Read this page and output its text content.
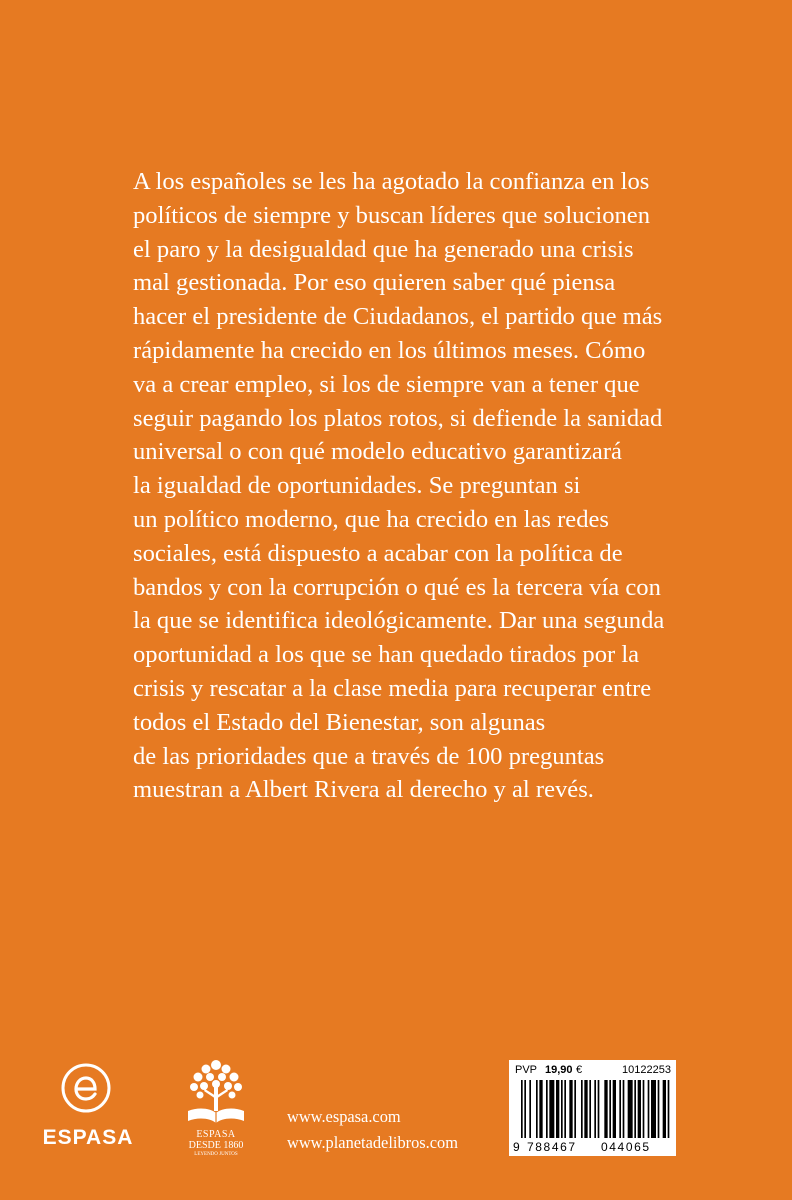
A los españoles se les ha agotado la confianza en los
políticos de siempre y buscan líderes que solucionen
el paro y la desigualdad que ha generado una crisis
mal gestionada. Por eso quieren saber qué piensa
hacer el presidente de Ciudadanos, el partido que más
rápidamente ha crecido en los últimos meses. Cómo
va a crear empleo, si los de siempre van a tener que
seguir pagando los platos rotos, si defiende la sanidad
universal o con qué modelo educativo garantizará
la igualdad de oportunidades. Se preguntan si
un político moderno, que ha crecido en las redes
sociales, está dispuesto a acabar con la política de
bandos y con la corrupción o qué es la tercera vía con
la que se identifica ideológicamente. Dar una segunda
oportunidad a los que se han quedado tirados por la
crisis y rescatar a la clase media para recuperar entre
todos el Estado del Bienestar, son algunas
de las prioridades que a través de 100 preguntas
muestran a Albert Rivera al derecho y al revés.
ESPASA	ESPASA
DESDE 1860
LEYENDO JUNTOS
www.espasa.com
www.planetadelibros.com
PVP 19,90 €	10122253
9 788467 044065
